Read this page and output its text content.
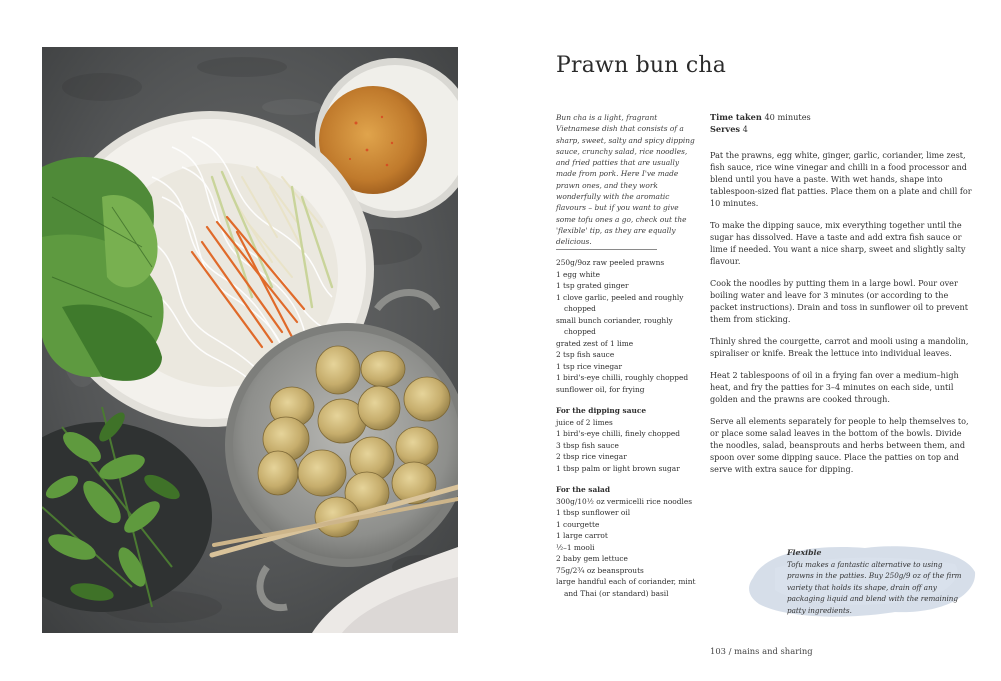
Prawn bun cha
Bun cha is a light, fragrant Vietnamese dish that consists of a sharp, sweet, salty and spicy dipping sauce, crunchy salad, rice noodles, and fried patties that are usually made from pork. Here I've made prawn ones, and they work wonderfully with the aromatic flavours – but if you want to give some tofu ones a go, check out the 'flexible' tip, as they are equally delicious.
250g/9oz raw peeled prawns
1 egg white
1 tsp grated ginger
1 clove garlic, peeled and roughly chopped
small bunch coriander, roughly chopped
grated zest of 1 lime
2 tsp fish sauce
1 tsp rice vinegar
1 bird's-eye chilli, roughly chopped
sunflower oil, for frying
For the dipping sauce
juice of 2 limes
1 bird's-eye chilli, finely chopped
3 tbsp fish sauce
2 tbsp rice vinegar
1 tbsp palm or light brown sugar
For the salad
300g/10½ oz vermicelli rice noodles
1 tbsp sunflower oil
1 courgette
1 large carrot
½–1 mooli
2 baby gem lettuce
75g/2¾ oz beansprouts
large handful each of coriander, mint and Thai (or standard) basil
Time taken 40 minutes
Serves 4

Pat the prawns, egg white, ginger, garlic, coriander, lime zest, fish sauce, rice wine vinegar and chilli in a food processor and blend until you have a paste. With wet hands, shape into tablespoon-sized flat patties. Place them on a plate and chill for 10 minutes.

To make the dipping sauce, mix everything together until the sugar has dissolved. Have a taste and add extra fish sauce or lime if needed. You want a nice sharp, sweet and slightly salty flavour.

Cook the noodles by putting them in a large bowl. Pour over boiling water and leave for 3 minutes (or according to the packet instructions). Drain and toss in sunflower oil to prevent them from sticking.

Thinly shred the courgette, carrot and mooli using a mandolin, spiraliser or knife. Break the lettuce into individual leaves.

Heat 2 tablespoons of oil in a frying fan over a medium–high heat, and fry the patties for 3–4 minutes on each side, until golden and the prawns are cooked through.

Serve all elements separately for people to help themselves to, or place some salad leaves in the bottom of the bowls. Divide the noodles, salad, beansprouts and herbs between them, and spoon over some dipping sauce. Place the patties on top and serve with extra sauce for dipping.

Flexible
Tofu makes a fantastic alternative to using prawns in the patties. Buy 250g/9 oz of the firm variety that holds its shape, drain off any packaging liquid and blend with the remaining patty ingredients.
103 / mains and sharing
